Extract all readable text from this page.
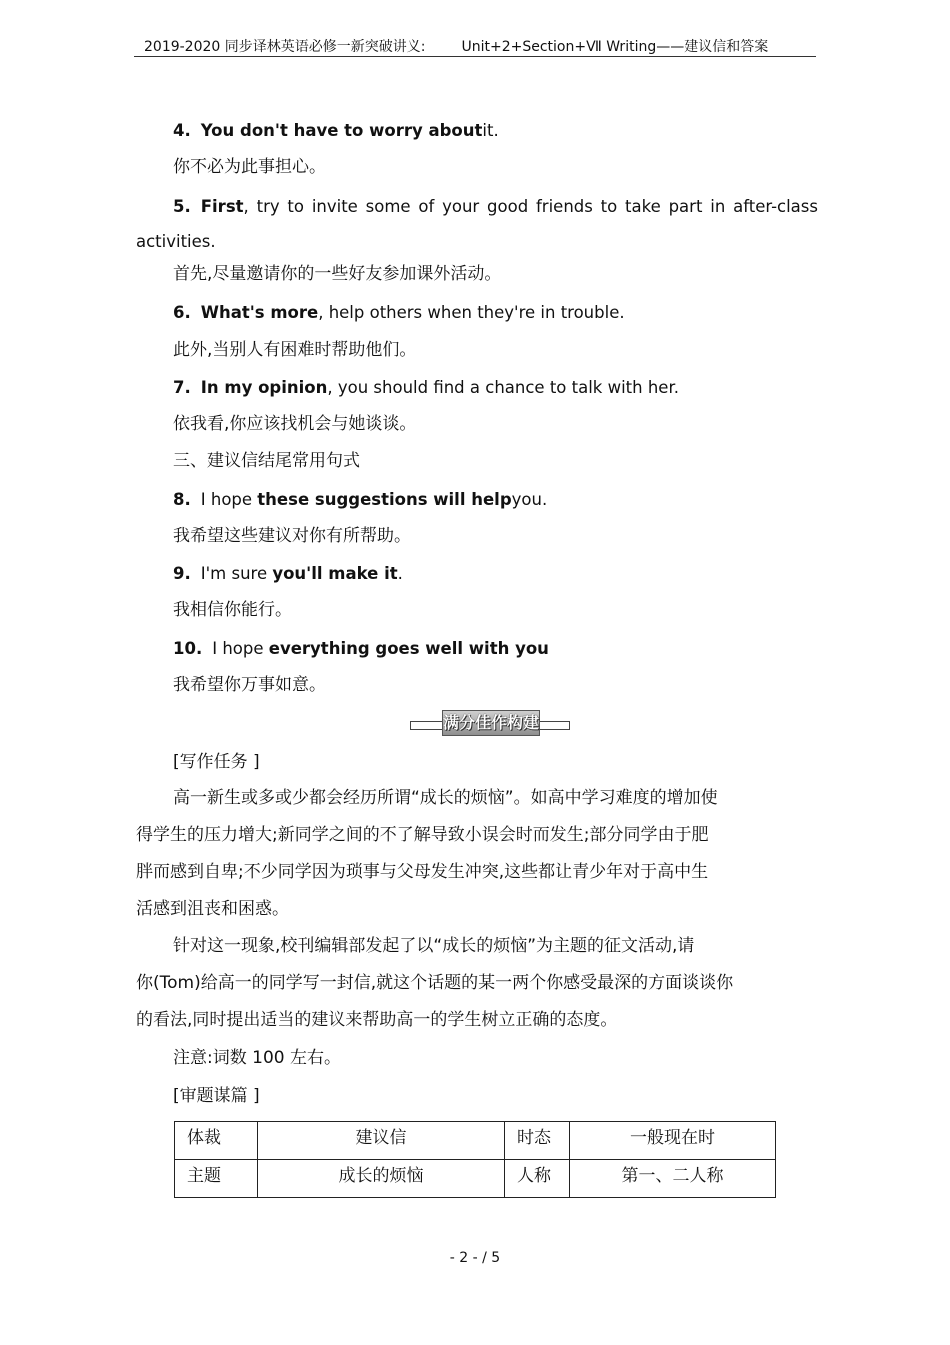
2019-2020 同步译林英语必修一新突破讲义:	Unit+2+Section+Ⅶ Writing——建议信和答案
4. You don't have to worry aboutit.
你不必为此事担心。
5. First, try to invite some of your good friends to take part in after-class
activities.
首先,尽量邀请你的一些好友参加课外活动。
6. What's more, help others when they're in trouble.
此外,当别人有困难时帮助他们。
7. In my opinion, you should find a chance to talk with her.
依我看,你应该找机会与她谈谈。
三、建议信结尾常用句式
8. I hope these suggestions will helpyou.
我希望这些建议对你有所帮助。
9. I'm sure you'll make it.
我相信你能行。
10. I hope everything goes well with you
我希望你万事如意。
满分佳作构建
[写作任务 ]
高一新生或多或少都会经历所谓“成长的烦恼”。如高中学习难度的增加使
得学生的压力增大;新同学之间的不了解导致小误会时而发生;部分同学由于肥
胖而感到自卑;不少同学因为琐事与父母发生冲突,这些都让青少年对于高中生
活感到沮丧和困惑。
针对这一现象,校刊编辑部发起了以“成长的烦恼”为主题的征文活动,请
你(Tom)给高一的同学写一封信,就这个话题的某一两个你感受最深的方面谈谈你
的看法,同时提出适当的建议来帮助高一的学生树立正确的态度。
注意:词数 100 左右。
[审题谋篇 ]
体裁	建议信	时态	一般现在时
主题	成长的烦恼	人称	第一、二人称
- 2 - / 5
